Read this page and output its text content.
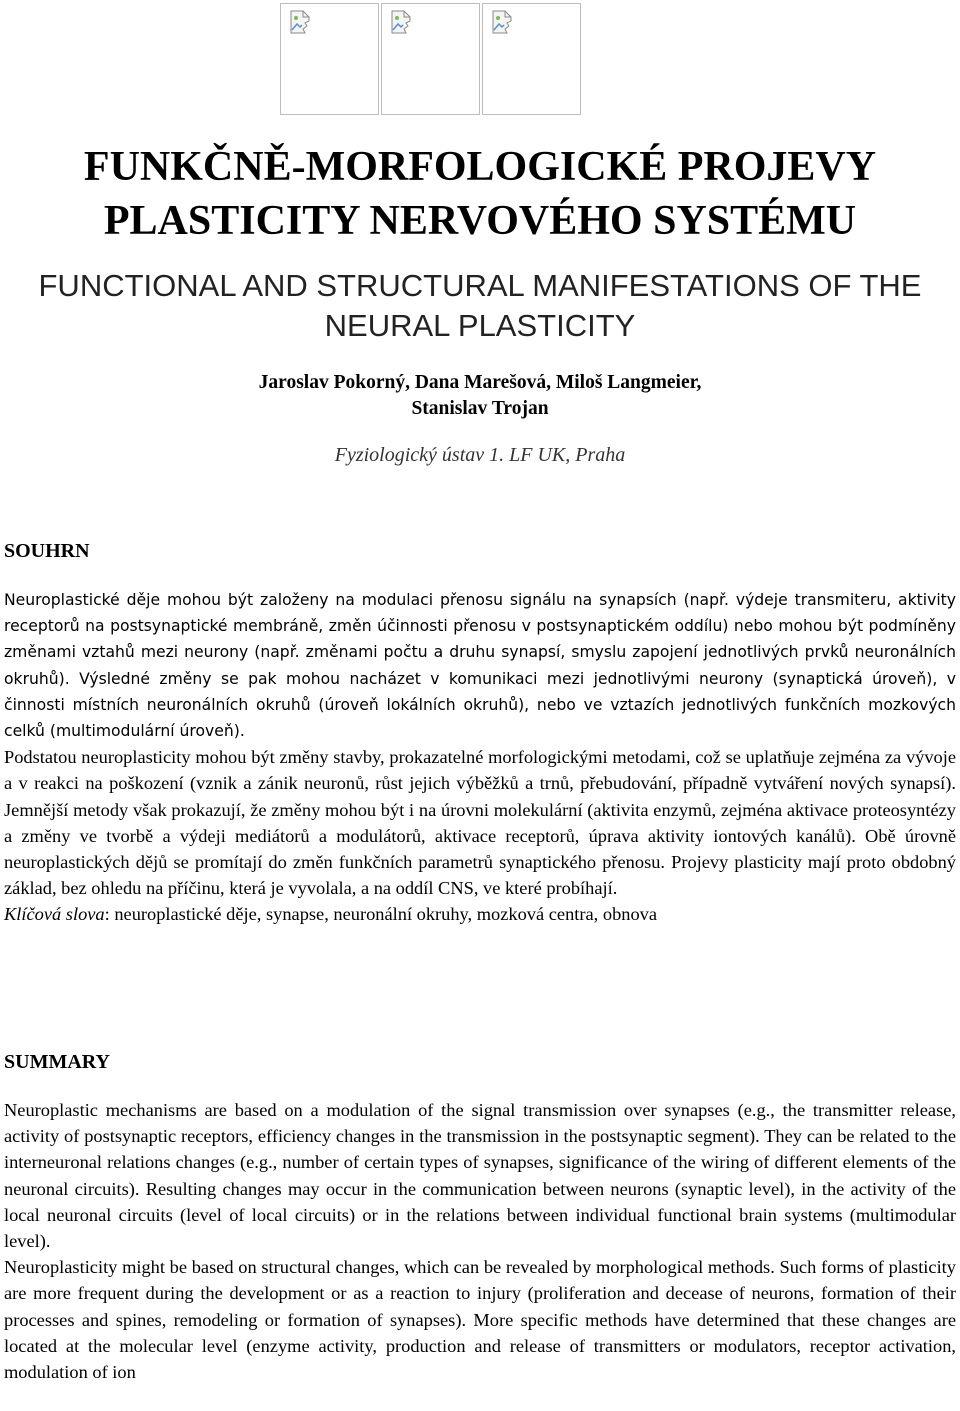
FUNKČNĚ-MORFOLOGICKÉ PROJEVY PLASTICITY NERVOVÉHO SYSTÉMU
FUNCTIONAL AND STRUCTURAL MANIFESTATIONS OF THE NEURAL PLASTICITY
Jaroslav Pokorný, Dana Marešová, Miloš Langmeier,
Stanislav Trojan

Fyziologický ústav 1. LF UK, Praha

SOUHRN

Neuroplastické děje mohou být založeny na modulaci přenosu signálu na synapsích (např. výdeje transmiteru, aktivity receptorů na postsynaptické membráně, změn účinnosti přenosu v postsynaptickém oddílu) nebo mohou být podmíněny změnami vztahů mezi neurony (např. změnami počtu a druhu synapsí, smyslu zapojení jednotlivých prvků neuronálních okruhů). Výsledné změny se pak mohou nacházet v komunikaci mezi jednotlivými neurony (synaptická úroveň), v činnosti místních neuronálních okruhů (úroveň lokálních okruhů), nebo ve vztazích jednotlivých funkčních mozkových celků (multimodulární úroveň).

Podstatou neuroplasticity mohou být změny stavby, prokazatelné morfologickými metodami, což se uplatňuje zejména za vývoje a v reakci na poškození (vznik a zánik neuronů, růst jejich výběžků a trnů, přebudování, případně vytváření nových synapsí). Jemnější metody však prokazují, že změny mohou být i na úrovni molekulární (aktivita enzymů, zejména aktivace proteosyntézy a změny ve tvorbě a výdeji mediátorů a modulátorů, aktivace receptorů, úprava aktivity iontových kanálů). Obě úrovně neuroplastických dějů se promítají do změn funkčních parametrů synaptického přenosu. Projevy plasticity mají proto obdobný základ, bez ohledu na příčinu, která je vyvolala, a na oddíl CNS, ve které probíhají.

Klíčová slova: neuroplastické děje, synapse, neuronální okruhy, mozková centra, obnova

SUMMARY

Neuroplastic mechanisms are based on a modulation of the signal transmission over synapses (e.g., the transmitter release, activity of postsynaptic receptors, efficiency changes in the transmission in the postsynaptic segment). They can be related to the interneuronal relations changes (e.g., number of certain types of synapses, significance of the wiring of different elements of the neuronal circuits). Resulting changes may occur in the communication between neurons (synaptic level), in the activity of the local neuronal circuits (level of local circuits) or in the relations between individual functional brain systems (multimodular level).

Neuroplasticity might be based on structural changes, which can be revealed by morphological methods. Such forms of plasticity are more frequent during the development or as a reaction to injury (proliferation and decease of neurons, formation of their processes and spines, remodeling or formation of synapses). More specific methods have determined that these changes are located at the molecular level (enzyme activity, production and release of transmitters or modulators, receptor activation, modulation of ion
